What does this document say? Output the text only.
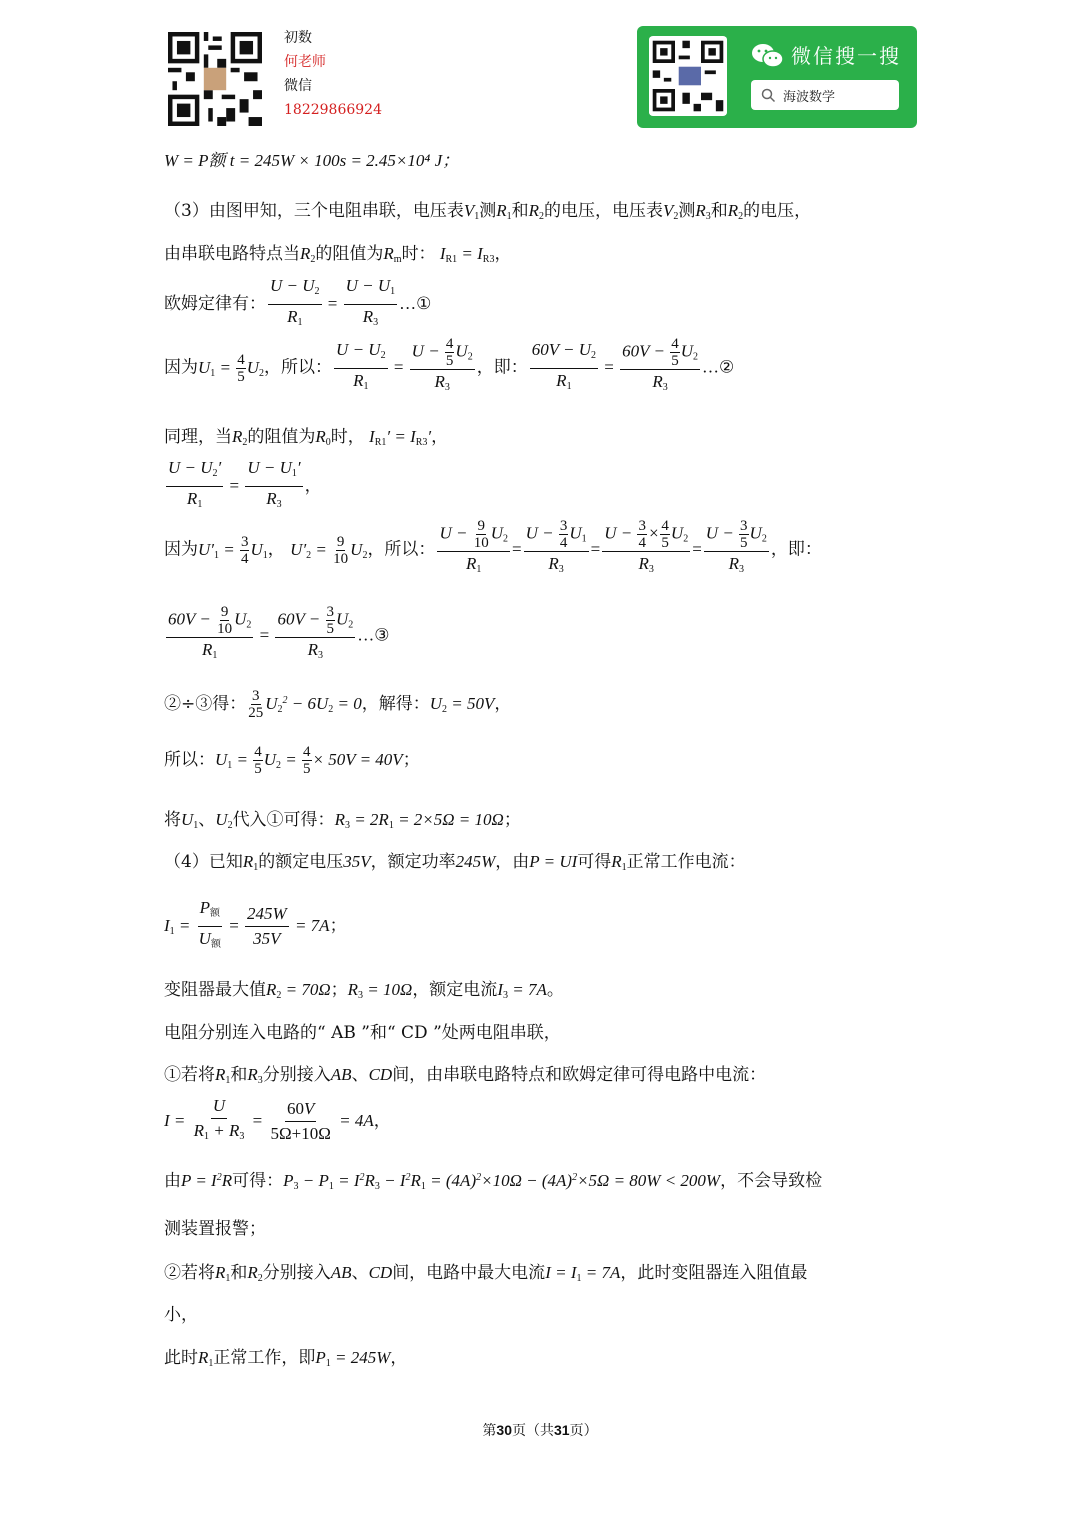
初数
何老师
微信
18229866924
微信搜一搜
海波数学
W = P额 t = 245W × 100s = 2.45×10⁴ J；
（3）由图甲知，三个电阻串联，电压表$V_1$测$R_1$和$R_2$的电压，电压表$V_2$测$R_3$和$R_2$的电压，
由串联电路特点当$R_2$的阻值为$R_m$时： $I_{R1} = I_{R3}$，
欧姆定律有： $\frac{U - U_2}{R_1} = \frac{U - U_1}{R_3}$ …①
因为$U_1 = \frac{4}{5} U_2$，所以： $\frac{U - U_2}{R_1} = \frac{U - \frac{4}{5} U_2}{R_3}$ ，即： $\frac{60V - U_2}{R_1} = \frac{60V - \frac{4}{5} U_2}{R_3}$ …②
同理，当$R_2$的阻值为$R_0$时， $I_{R1}' = I_{R3}'$，
$\frac{U - U_2'}{R_1} = \frac{U - U_1'}{R_3}$ ，
因为$U'_1 = \frac{3}{4} U_1$， $U'_2 = \frac{9}{10} U_2$，所以： $\frac{U - \frac{9}{10} U_2}{R_1} = \frac{U - \frac{3}{4} U_1}{R_3} = \frac{U - \frac{3}{4} \times \frac{4}{5} U_2}{R_3} = \frac{U - \frac{3}{5} U_2}{R_3}$ ，即：
$\frac{60V - \frac{9}{10} U_2}{R_1} = \frac{60V - \frac{3}{5} U_2}{R_3}$ …③
②÷③得： $\frac{3}{25} U_2^2 - 6U_2 = 0$，解得：$U_2 = 50V$，
所以：$U_1 = \frac{4}{5} U_2 = \frac{4}{5} \times 50V = 40V$；
将$U_1$、$U_2$代入①可得：$R_3 = 2R_1 = 2\times 5\Omega = 10\Omega$；
（4）已知$R_1$的额定电压35V，额定功率245W，由P = UI可得$R_1$正常工作电流：
$I_1 = \frac{P_额}{U_额} = \frac{245W}{35V} = 7A$；
变阻器最大值$R_2 = 70\Omega$；$R_3 = 10\Omega$，额定电流$I_3 = 7A$。
电阻分别连入电路的“ AB ”和“ CD ”处两电阻串联，
①若将$R_1$和$R_3$分别接入AB、CD间，由串联电路特点和欧姆定律可得电路中电流：
$I = \frac{U}{R_1 + R_3} = \frac{60V}{5\Omega+10\Omega} = 4A$，
由$P = I^2R$可得：$P_3 - P_1 = I^2R_3 - I^2R_1 = (4A)^2\times 10\Omega - (4A)^2\times 5\Omega = 80W < 200W$，不会导致检
测装置报警；
②若将$R_1$和$R_2$分别接入AB、CD间，电路中最大电流$I = I_1 = 7A$，此时变阻器连入阻值最
小，
此时$R_1$正常工作，即$P_1 = 245W$，
第30页（共31页）
